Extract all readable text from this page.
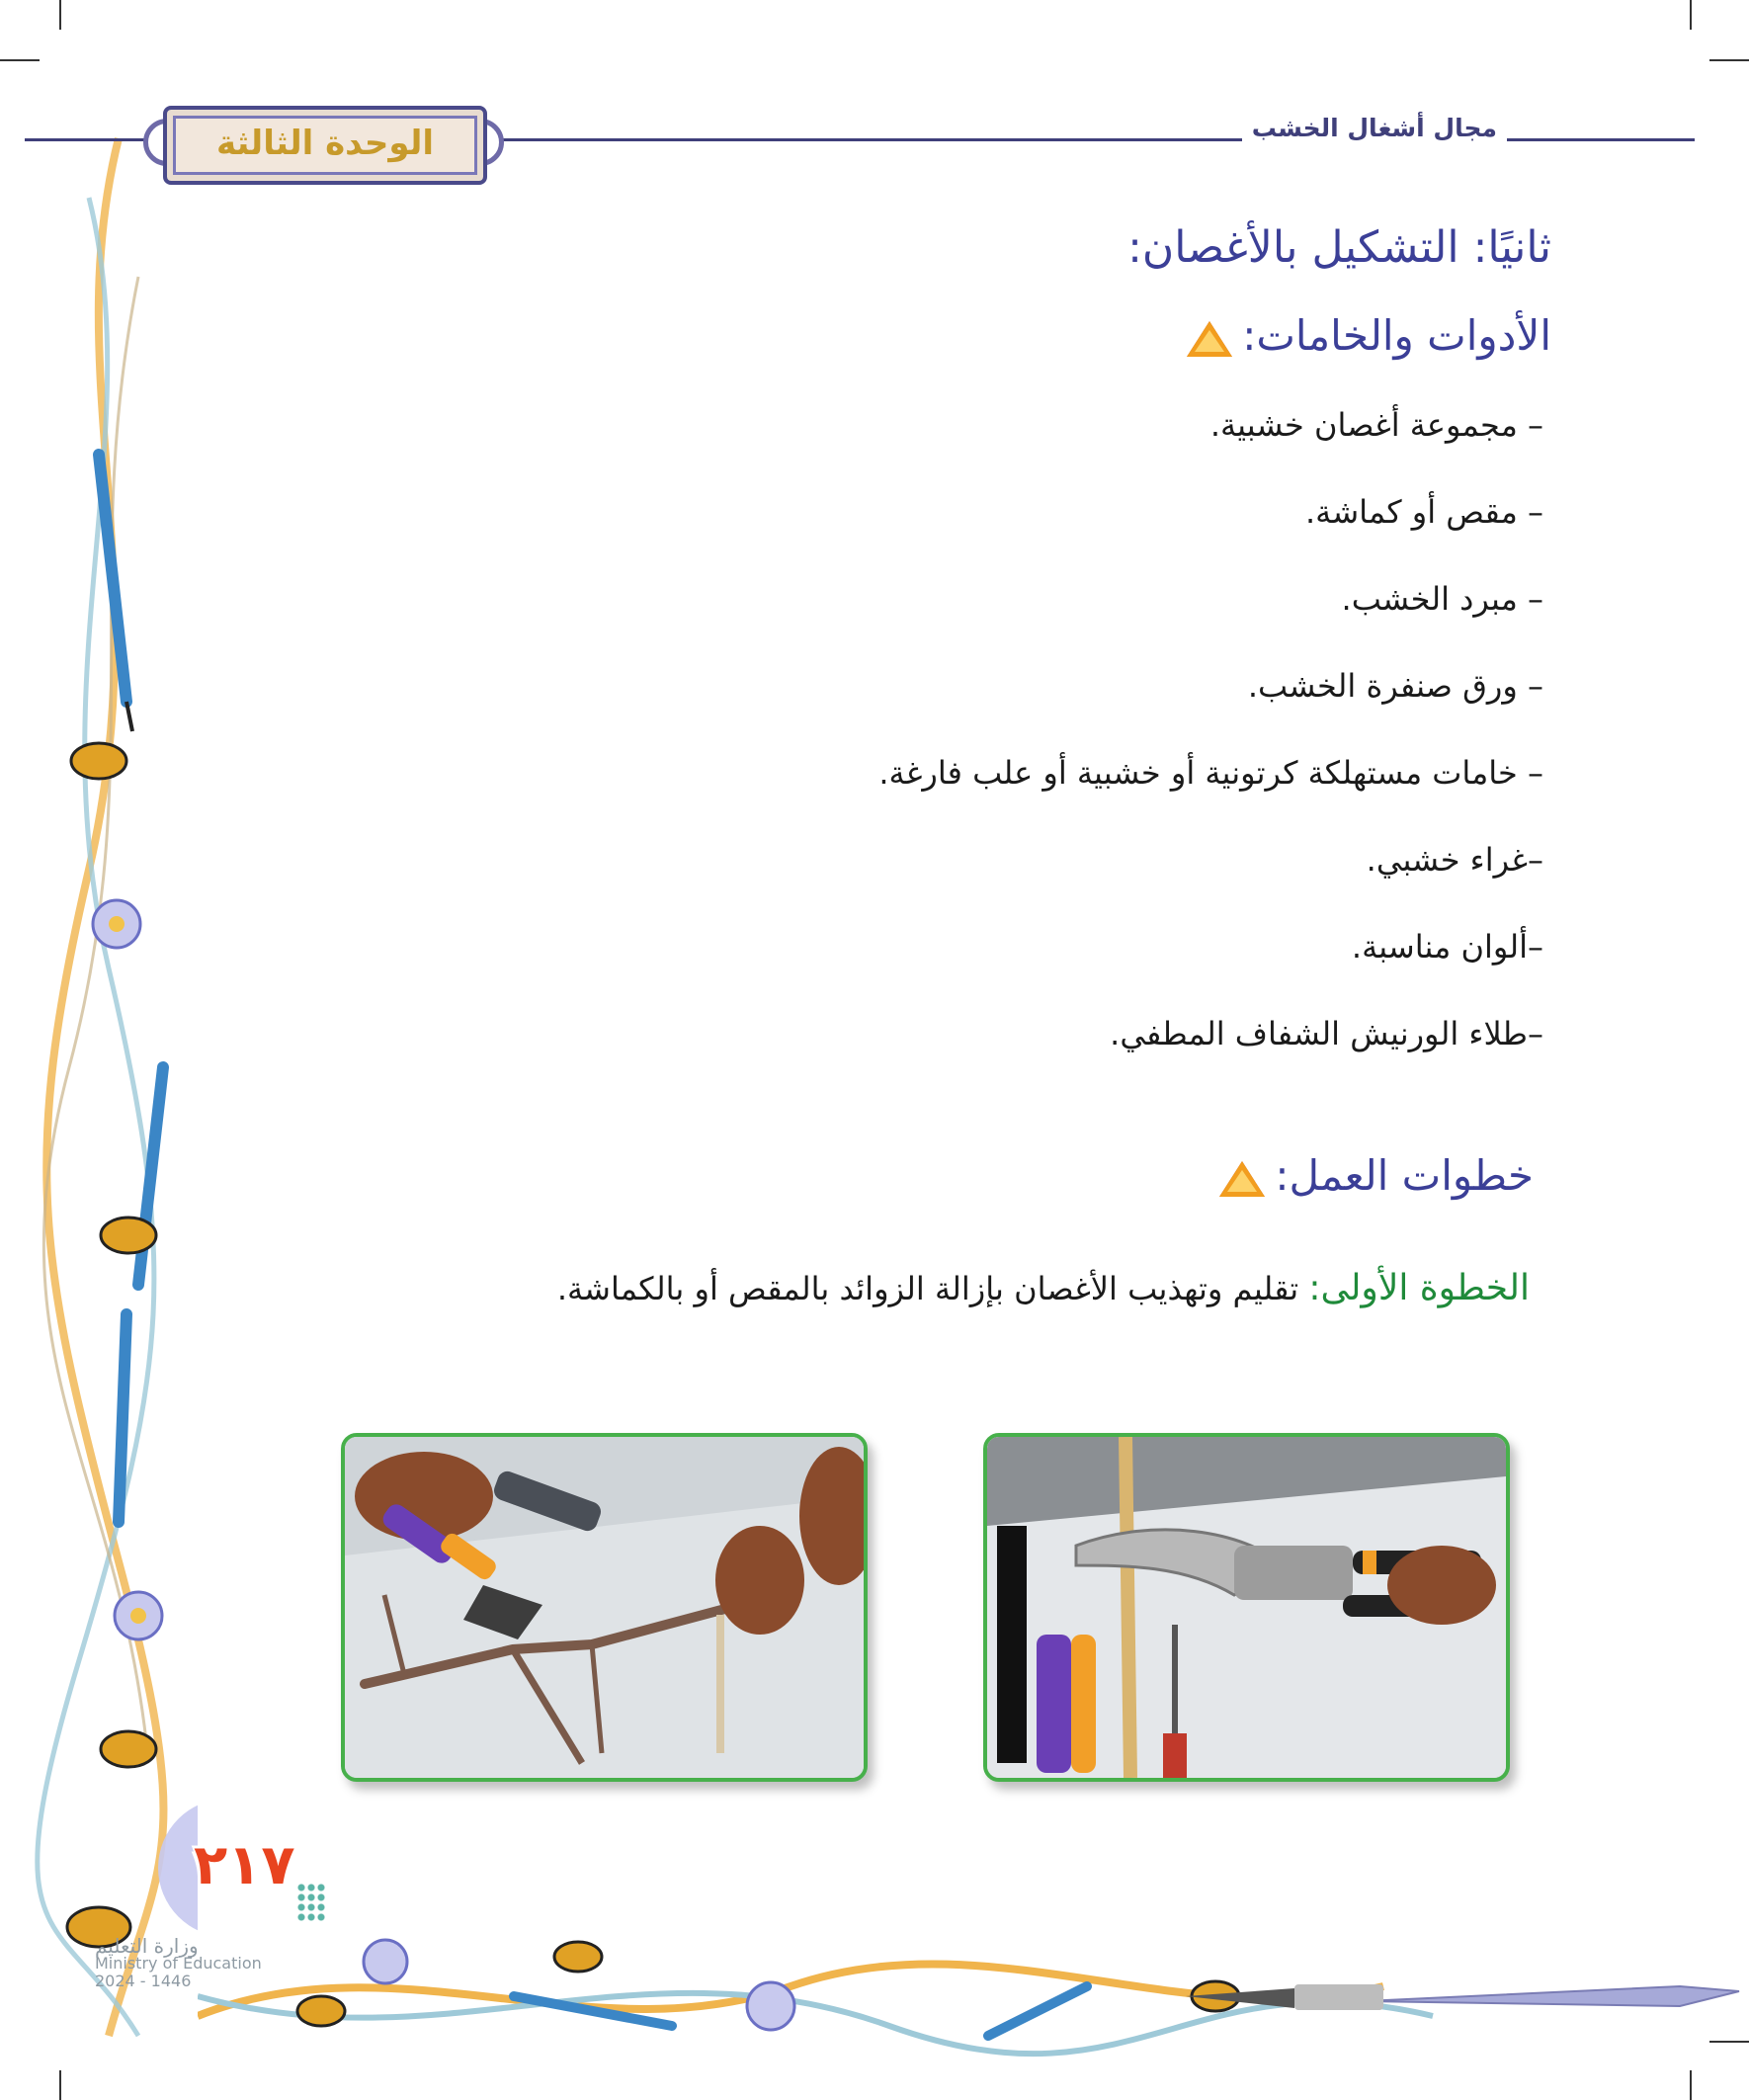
الوحدة الثالثة	مجال أشغال الخشب
ثانيًا: التشكيل بالأغصان:
الأدوات والخامات:
– مجموعة أغصان خشبية.
– مقص أو كماشة.
– مبرد الخشب.
– ورق صنفرة الخشب.
– خامات مستهلكة كرتونية أو خشبية أو علب فارغة.
–غراء خشبي.
–ألوان مناسبة.
–طلاء الورنيش الشفاف المطفي.
خطوات العمل:
الخطوة الأولى: تقليم وتهذيب الأغصان بإزالة الزوائد بالمقص أو بالكماشة.
٢١٧
وزارة التعليم
Ministry of Education
2024 - 1446
